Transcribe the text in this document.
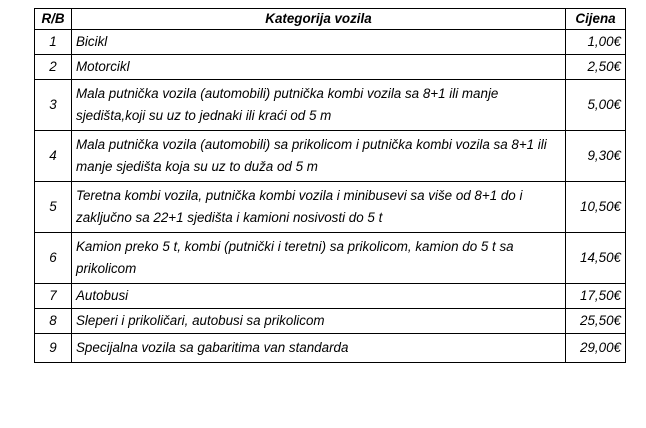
R/B	Kategorija vozila	Cijena
1	Bicikl	1,00€
2	Motorcikl	2,50€
3	Mala putnička vozila (automobili) putnička kombi vozila sa 8+1 ili manje sjedišta,koji su uz to jednaki ili kraći od 5 m	5,00€
4	Mala putnička vozila (automobili) sa prikolicom i putnička kombi vozila sa 8+1 ili manje sjedišta koja su uz to duža od 5 m	9,30€
5	Teretna kombi vozila, putnička kombi vozila i minibusevi sa više od 8+1 do i zaključno sa 22+1 sjedišta i kamioni nosivosti do 5 t	10,50€
6	Kamion preko 5 t, kombi (putnički i teretni) sa prikolicom, kamion do 5 t sa prikolicom	14,50€
7	Autobusi	17,50€
8	Sleperi i prikoličari, autobusi sa prikolicom	25,50€
9	Specijalna vozila sa gabaritima van standarda	29,00€
